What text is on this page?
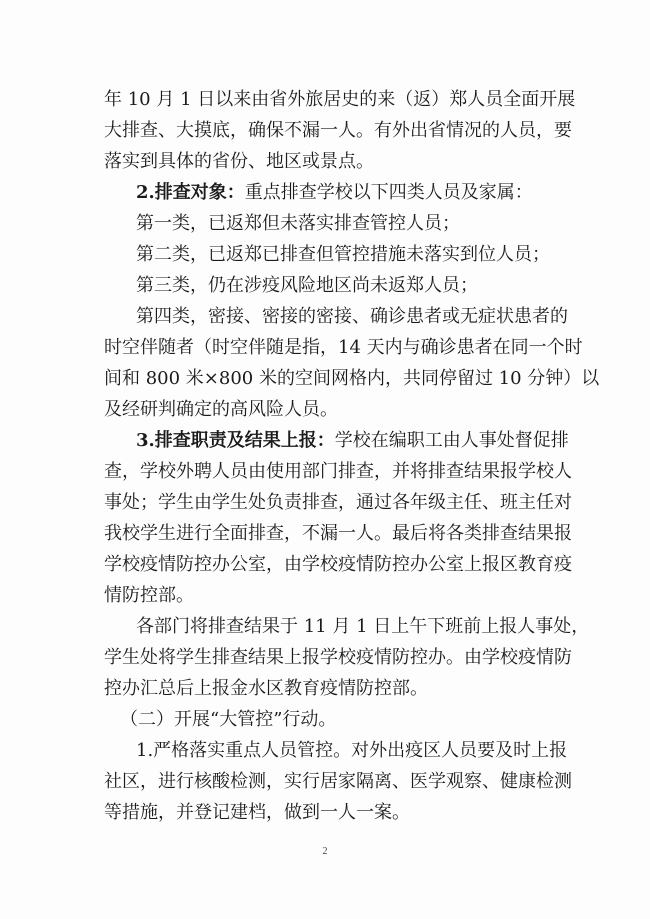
年 10 月 1 日以来由省外旅居史的来（返）郑人员全面开展
大排查、大摸底，确保不漏一人。有外出省情况的人员，要
落实到具体的省份、地区或景点。
2.排查对象：重点排查学校以下四类人员及家属：
第一类，已返郑但未落实排查管控人员；
第二类，已返郑已排查但管控措施未落实到位人员；
第三类，仍在涉疫风险地区尚未返郑人员；
第四类，密接、密接的密接、确诊患者或无症状患者的
时空伴随者（时空伴随是指，14 天内与确诊患者在同一个时
间和 800 米×800 米的空间网格内，共同停留过 10 分钟）以
及经研判确定的高风险人员。
3.排查职责及结果上报：学校在编职工由人事处督促排
查，学校外聘人员由使用部门排查，并将排查结果报学校人
事处；学生由学生处负责排查，通过各年级主任、班主任对
我校学生进行全面排查，不漏一人。最后将各类排查结果报
学校疫情防控办公室，由学校疫情防控办公室上报区教育疫
情防控部。
各部门将排查结果于 11 月 1 日上午下班前上报人事处，
学生处将学生排查结果上报学校疫情防控办。由学校疫情防
控办汇总后上报金水区教育疫情防控部。
（二）开展“大管控”行动。
1.严格落实重点人员管控。对外出疫区人员要及时上报
社区，进行核酸检测，实行居家隔离、医学观察、健康检测
等措施，并登记建档，做到一人一案。
2
